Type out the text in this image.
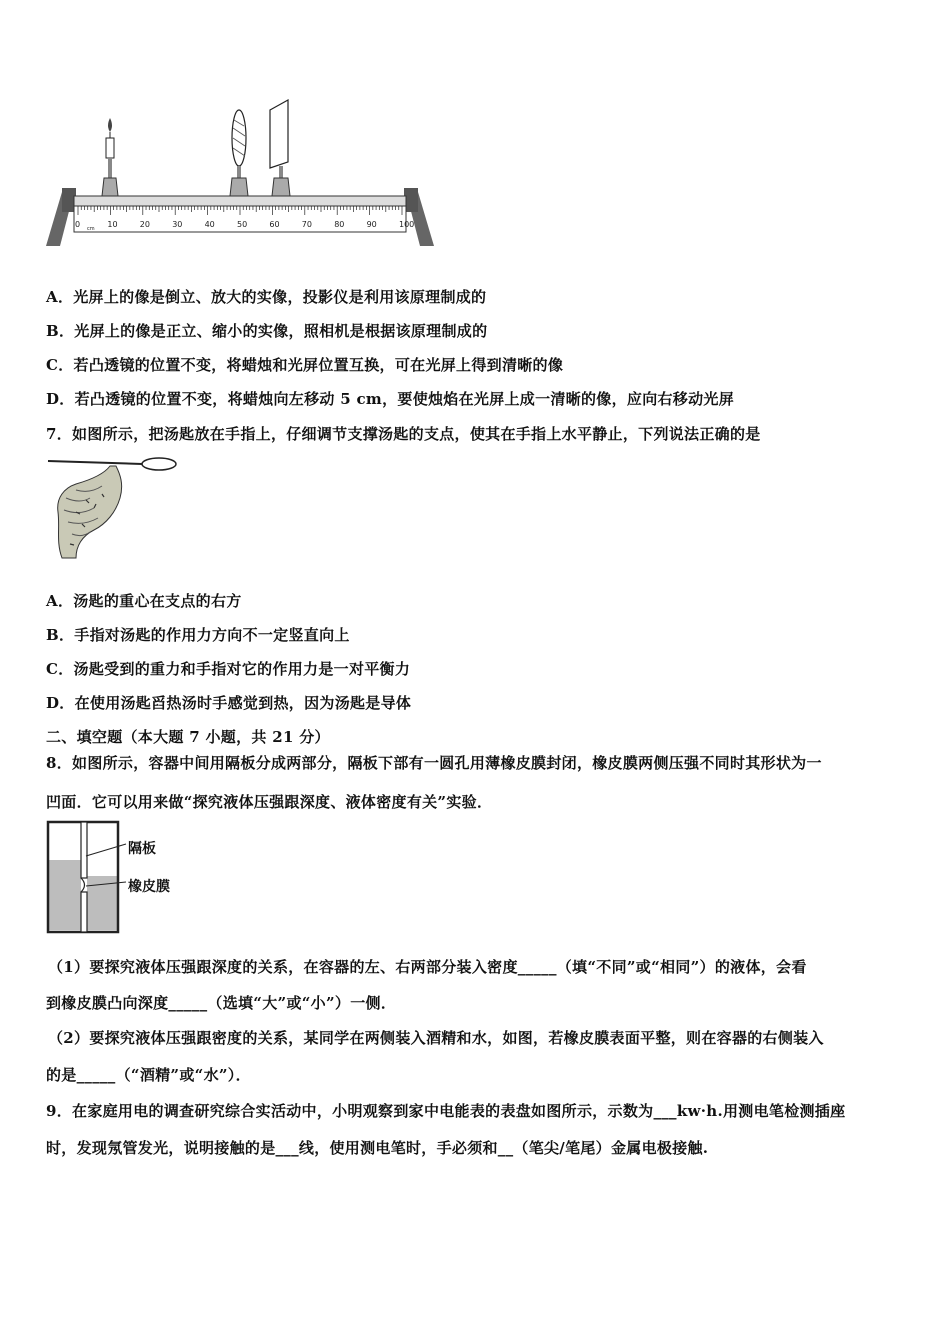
0	10	20	30	40	50	60	70	80	90	100
cm
A．光屏上的像是倒立、放大的实像，投影仪是利用该原理制成的
B．光屏上的像是正立、缩小的实像，照相机是根据该原理制成的
C．若凸透镜的位置不变，将蜡烛和光屏位置互换，可在光屏上得到清晰的像
D．若凸透镜的位置不变，将蜡烛向左移动 5 cm，要使烛焰在光屏上成一清晰的像，应向右移动光屏
7．如图所示，把汤匙放在手指上，仔细调节支撑汤匙的支点，使其在手指上水平静止，下列说法正确的是
A．汤匙的重心在支点的右方
B．手指对汤匙的作用力方向不一定竖直向上
C．汤匙受到的重力和手指对它的作用力是一对平衡力
D．在使用汤匙舀热汤时手感觉到热，因为汤匙是导体
二、填空题（本大题 7 小题，共 21 分）
8．如图所示，容器中间用隔板分成两部分，隔板下部有一圆孔用薄橡皮膜封闭，橡皮膜两侧压强不同时其形状为一
凹面．它可以用来做“探究液体压强跟深度、液体密度有关”实验．
隔板
橡皮膜
（1）要探究液体压强跟深度的关系，在容器的左、右两部分装入密度_____（填“不同”或“相同”）的液体，会看
到橡皮膜凸向深度_____（选填“大”或“小”）一侧．
（2）要探究液体压强跟密度的关系，某同学在两侧装入酒精和水，如图，若橡皮膜表面平整，则在容器的右侧装入
的是_____（“酒精”或“水”）．
9．在家庭用电的调查研究综合实活动中，小明观察到家中电能表的表盘如图所示，示数为___kw·h.用测电笔检测插座
时，发现氖管发光，说明接触的是___线，使用测电笔时，手必须和__（笔尖/笔尾）金属电极接触.
